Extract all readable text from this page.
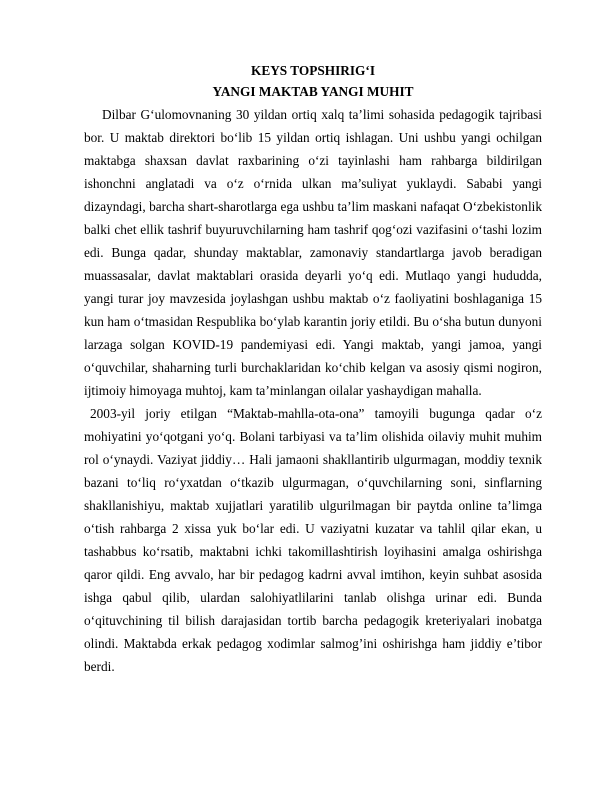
KEYS TOPSHIRIG‘I

YANGI MAKTAB YANGI MUHIT

Dilbar G‘ulomovnaning 30 yildan ortiq xalq ta’limi sohasida pedagogik tajribasi bor. U maktab direktori bo‘lib 15 yildan ortiq ishlagan. Uni ushbu yangi ochilgan maktabga shaxsan davlat raxbarining o‘zi tayinlashi ham rahbarga bildirilgan ishonchni anglatadi va o‘z o‘rnida ulkan ma’suliyat yuklaydi. Sababi yangi dizayndagi, barcha shart-sharotlarga ega ushbu ta’lim maskani nafaqat O‘zbekistonlik balki chet ellik tashrif buyuruvchilarning ham tashrif qog‘ozi vazifasini o‘tashi lozim edi. Bunga qadar, shunday maktablar, zamonaviy standartlarga javob beradigan muassasalar, davlat maktablari orasida deyarli yo‘q edi. Mutlaqo yangi hududda, yangi turar joy mavzesida joylashgan ushbu maktab o‘z faoliyatini boshlaganiga 15 kun ham o‘tmasidan Respublika bo‘ylab karantin joriy etildi. Bu o‘sha butun dunyoni larzaga solgan KOVID-19 pandemiyasi edi. Yangi maktab, yangi jamoa, yangi o‘quvchilar, shaharning turli burchaklaridan ko‘chib kelgan va asosiy qismi nogiron, ijtimoiy himoyaga muhtoj, kam ta’minlangan oilalar yashaydigan mahalla.

2003-yil joriy etilgan “Maktab-mahlla-ota-ona” tamoyili bugunga qadar o‘z mohiyatini yo‘qotgani yo‘q. Bolani tarbiyasi va ta’lim olishida oilaviy muhit muhim rol o‘ynaydi. Vaziyat jiddiy… Hali jamaoni shakllantirib ulgurmagan, moddiy texnik bazani to‘liq ro‘yxatdan o‘tkazib ulgurmagan, o‘quvchilarning soni, sinflarning shakllanishiyu, maktab xujjatlari yaratilib ulgurilmagan bir paytda online ta’limga o‘tish rahbarga 2 xissa yuk bo‘lar edi. U vaziyatni kuzatar va tahlil qilar ekan, u tashabbus ko‘rsatib, maktabni ichki takomillashtirish loyihasini amalga oshirishga qaror qildi. Eng avvalo, har bir pedagog kadrni avval imtihon, keyin suhbat asosida ishga qabul qilib, ulardan salohiyatlilarini tanlab olishga urinar edi. Bunda o‘qituvchining til bilish darajasidan tortib barcha pedagogik kreteriyalari inobatga olindi. Maktabda erkak pedagog xodimlar salmog’ini oshirishga ham jiddiy e’tibor berdi.
